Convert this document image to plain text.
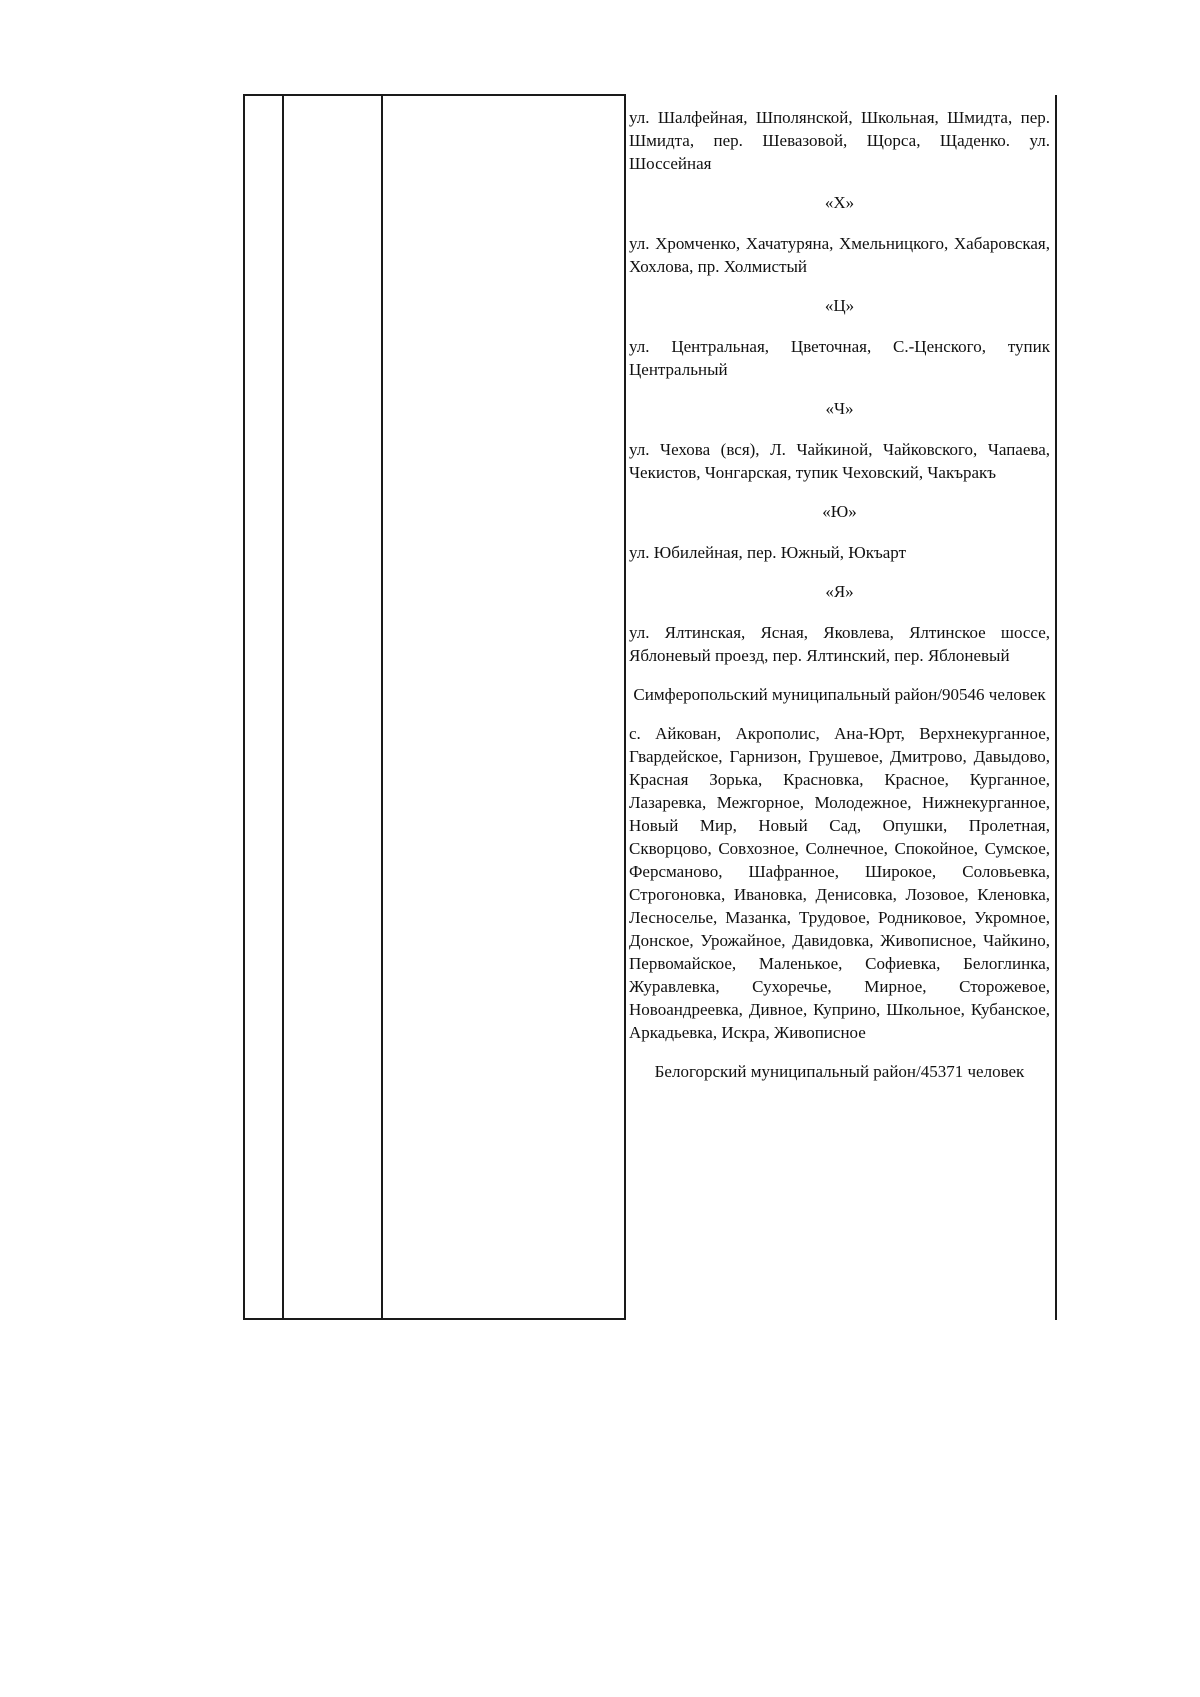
ул. Шалфейная, Шполянской, Школьная, Шмидта, пер. Шмидта, пер. Шевазовой, Щорса, Щаденко. ул. Шоссейная

«Х»

ул. Хромченко, Хачатуряна, Хмельницкого, Хабаровская, Хохлова, пр. Холмистый

«Ц»

ул. Центральная, Цветочная, С.-Ценского, тупик Центральный

«Ч»

ул. Чехова (вся), Л. Чайкиной, Чайковского, Чапаева, Чекистов, Чонгарская, тупик Чеховский, Чакъракъ

«Ю»

ул. Юбилейная, пер. Южный, Юкъарт

«Я»

ул. Ялтинская, Ясная, Яковлева, Ялтинское шоссе, Яблоневый проезд, пер. Ялтинский, пер. Яблоневый

Симферопольский муниципальный район/90546 человек

с. Айкован, Акрополис, Ана-Юрт, Верхнекурганное, Гвардейское, Гарнизон, Грушевое, Дмитрово, Давыдово, Красная Зорька, Красновка, Красное, Курганное, Лазаревка, Межгорное, Молодежное, Нижнекурганное, Новый Мир, Новый Сад, Опушки, Пролетная, Скворцово, Совхозное, Солнечное, Спокойное, Сумское, Ферсманово, Шафранное, Широкое, Соловьевка, Строгоновка, Ивановка, Денисовка, Лозовое, Кленовка, Лесноселье, Мазанка, Трудовое, Родниковое, Укромное, Донское, Урожайное, Давидовка, Живописное, Чайкино, Первомайское, Маленькое, Софиевка, Белоглинка, Журавлевка, Сухоречье, Мирное, Сторожевое, Новоандреевка, Дивное, Куприно, Школьное, Кубанское, Аркадьевка, Искра, Живописное

Белогорский муниципальный район/45371 человек
